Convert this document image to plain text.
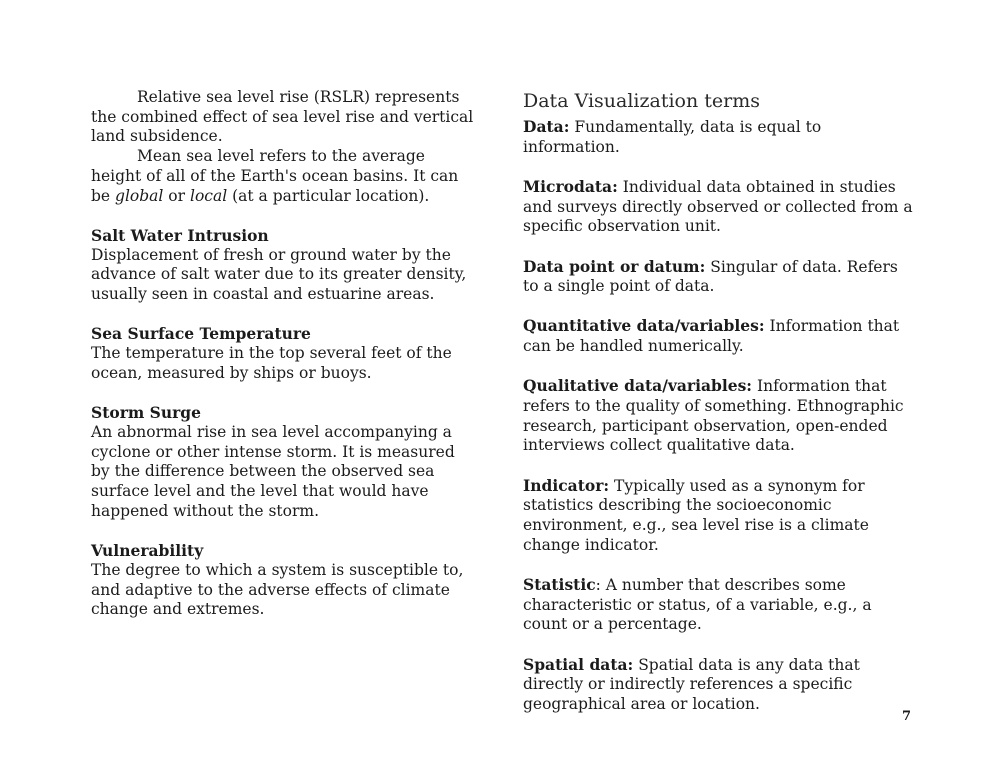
Relative sea level rise (RSLR) represents the combined effect of sea level rise and vertical land subsidence.

Mean sea level refers to the average height of all of the Earth's ocean basins. It can be global or local (at a particular location).

Salt Water Intrusion

Displacement of fresh or ground water by the advance of salt water due to its greater density, usually seen in coastal and estuarine areas.

Sea Surface Temperature

The temperature in the top several feet of the ocean, measured by ships or buoys.

Storm Surge

An abnormal rise in sea level accompanying a cyclone or other intense storm. It is measured by the difference between the observed sea surface level and the level that would have happened without the storm.

Vulnerability

The degree to which a system is susceptible to, and adaptive to the adverse effects of climate change and extremes.

Data Visualization terms

Data: Fundamentally, data is equal to information.

Microdata: Individual data obtained in studies and surveys directly observed or collected from a specific observation unit.

Data point or datum: Singular of data. Refers to a single point of data.

Quantitative data/variables: Information that can be handled numerically.

Qualitative data/variables: Information that refers to the quality of something. Ethnographic research, participant observation, open-ended interviews collect qualitative data.

Indicator: Typically used as a synonym for statistics describing the socioeconomic environment, e.g., sea level rise is a climate change indicator.

Statistic: A number that describes some characteristic or status, of a variable, e.g., a count or a percentage.

Spatial data: Spatial data is any data that directly or indirectly references a specific geographical area or location.

7
